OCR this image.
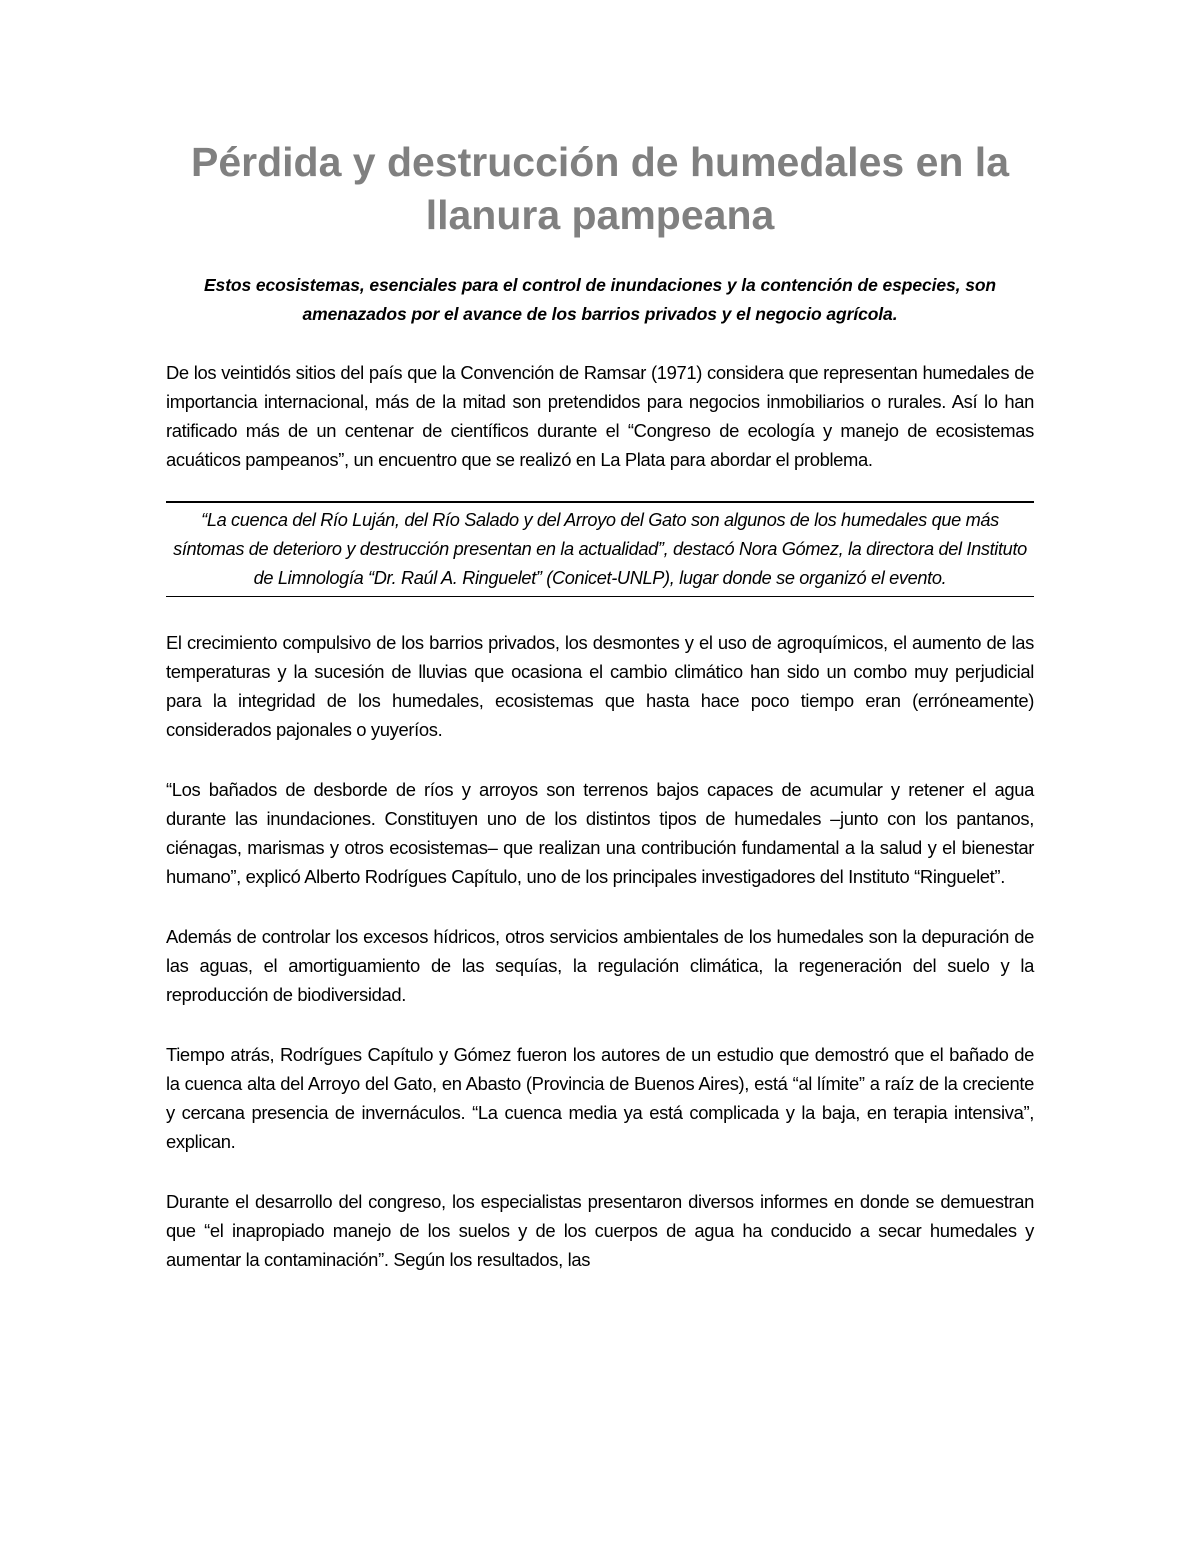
Pérdida y destrucción de humedales en la llanura pampeana

Estos ecosistemas, esenciales para el control de inundaciones y la contención de especies, son amenazados por el avance de los barrios privados y el negocio agrícola.

De los veintidós sitios del país que la Convención de Ramsar (1971) considera que representan humedales de importancia internacional, más de la mitad son pretendidos para negocios inmobiliarios o rurales. Así lo han ratificado más de un centenar de científicos durante el “Congreso de ecología y manejo de ecosistemas acuáticos pampeanos”, un encuentro que se realizó en La Plata para abordar el problema.

“La cuenca del Río Luján, del Río Salado y del Arroyo del Gato son algunos de los humedales que más síntomas de deterioro y destrucción presentan en la actualidad”, destacó Nora Gómez, la directora del Instituto de Limnología “Dr. Raúl A. Ringuelet” (Conicet-UNLP), lugar donde se organizó el evento.

El crecimiento compulsivo de los barrios privados, los desmontes y el uso de agroquímicos, el aumento de las temperaturas y la sucesión de lluvias que ocasiona el cambio climático han sido un combo muy perjudicial para la integridad de los humedales, ecosistemas que hasta hace poco tiempo eran (erróneamente) considerados pajonales o yuyeríos.

“Los bañados de desborde de ríos y arroyos son terrenos bajos capaces de acumular y retener el agua durante las inundaciones. Constituyen uno de los distintos tipos de humedales –junto con los pantanos, ciénagas, marismas y otros ecosistemas– que realizan una contribución fundamental a la salud y el bienestar humano”, explicó Alberto Rodrígues Capítulo, uno de los principales investigadores del Instituto “Ringuelet”.

Además de controlar los excesos hídricos, otros servicios ambientales de los humedales son la depuración de las aguas, el amortiguamiento de las sequías, la regulación climática, la regeneración del suelo y la reproducción de biodiversidad.

Tiempo atrás, Rodrígues Capítulo y Gómez fueron los autores de un estudio que demostró que el bañado de la cuenca alta del Arroyo del Gato, en Abasto (Provincia de Buenos Aires), está “al límite” a raíz de la creciente y cercana presencia de invernáculos. “La cuenca media ya está complicada y la baja, en terapia intensiva”, explican.

Durante el desarrollo del congreso, los especialistas presentaron diversos informes en donde se demuestran que “el inapropiado manejo de los suelos y de los cuerpos de agua ha conducido a secar humedales y aumentar la contaminación”. Según los resultados, las
